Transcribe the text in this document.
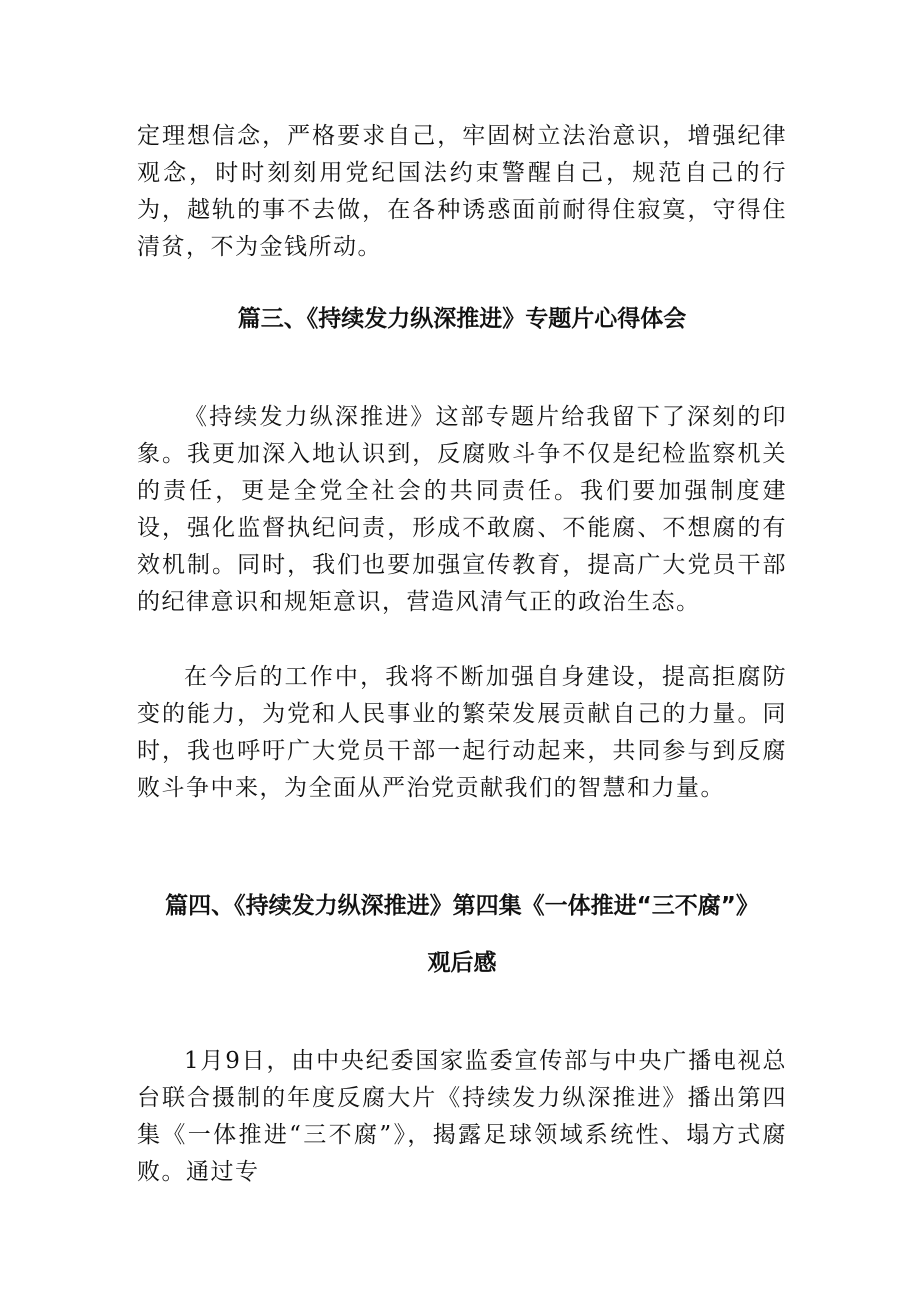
定理想信念，严格要求自己，牢固树立法治意识，增强纪律观念，时时刻刻用党纪国法约束警醒自己，规范自己的行为，越轨的事不去做，在各种诱惑面前耐得住寂寞，守得住清贫，不为金钱所动。

篇三、《持续发力纵深推进》专题片心得体会

《持续发力纵深推进》这部专题片给我留下了深刻的印象。我更加深入地认识到，反腐败斗争不仅是纪检监察机关的责任，更是全党全社会的共同责任。我们要加强制度建设，强化监督执纪问责，形成不敢腐、不能腐、不想腐的有效机制。同时，我们也要加强宣传教育，提高广大党员干部的纪律意识和规矩意识，营造风清气正的政治生态。

在今后的工作中，我将不断加强自身建设，提高拒腐防变的能力，为党和人民事业的繁荣发展贡献自己的力量。同时，我也呼吁广大党员干部一起行动起来，共同参与到反腐败斗争中来，为全面从严治党贡献我们的智慧和力量。

篇四、《持续发力纵深推进》第四集《一体推进“三不腐”》
观后感

1月9日，由中央纪委国家监委宣传部与中央广播电视总台联合摄制的年度反腐大片《持续发力纵深推进》播出第四集《一体推进“三不腐”》，揭露足球领域系统性、塌方式腐败。通过专
